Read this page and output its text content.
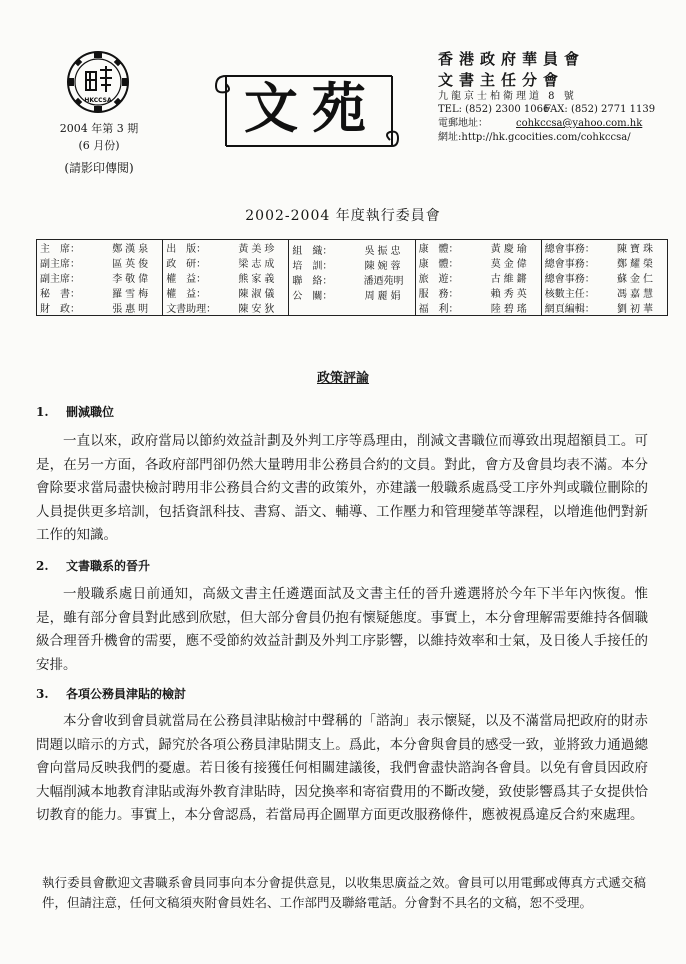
HKCCSA
2004 年第 3 期
(6 月份)
(請影印傳閱)
文苑
香港政府華員會
文書主任分會
九龍京士柏衛理道 8 號
TEL: (852) 2300 1066
FAX: (852) 2771 1139
電郵地址：	cohkccsa@yahoo.com.hk
網址:http://hk.gcocities.com/cohkccsa/
2002-2004 年度執行委員會
主　席：	鄭漢泉
副主席：	區英俊
副主席：	李敬偉
秘　書：	羅雪梅
財　政：	張惠明

出　版：	黃美珍
政　研：	梁志成
權　益：	熊家義
權　益：	陳淑儀
文書助理： 陳安狄

組　織：	吳振忠
培　訓：	陳婉蓉
聯　絡：	潘迺苑明
公　關：	周麗娟

康　體：	黃慶瑜
康　體：	莫金偉
旅　遊：	古維鏘
服　務：	賴秀英
福　利：	陸碧瑤

總會事務： 陳寶珠
總會事務： 鄭耀榮
總會事務： 蘇金仁
核數主任： 馮嘉慧
網頁編輯： 劉初華
政策評論
1. 刪減職位
一直以來，政府當局以節約效益計劃及外判工序等爲理由，削減文書職位而導致出現超額員工。可是，在另一方面，各政府部門卻仍然大量聘用非公務員合約的文員。對此，會方及會員均表不滿。本分會除要求當局盡快檢討聘用非公務員合約文書的政策外，亦建議一般職系處爲受工序外判或職位刪除的人員提供更多培訓，包括資訊科技、書寫、語文、輔導、工作壓力和管理變革等課程，以增進他們對新工作的知識。
2. 文書職系的晉升
一般職系處日前通知，高級文書主任遴選面試及文書主任的晉升遴選將於今年下半年內恢復。惟是，雖有部分會員對此感到欣慰，但大部分會員仍抱有懷疑態度。事實上，本分會理解需要維持各個職級合理晉升機會的需要，應不受節約效益計劃及外判工序影響，以維持效率和士氣，及日後人手接任的安排。
3. 各項公務員津貼的檢討
本分會收到會員就當局在公務員津貼檢討中聲稱的「諮詢」表示懷疑，以及不滿當局把政府的財赤問題以暗示的方式，歸究於各項公務員津貼開支上。爲此，本分會與會員的感受一致，並將致力通過總會向當局反映我們的憂慮。若日後有接獲任何相關建議後，我們會盡快諮詢各會員。以免有會員因政府大幅削減本地教育津貼或海外教育津貼時，因兌換率和寄宿費用的不斷改變，致使影響爲其子女提供恰切教育的能力。事實上，本分會認爲，若當局再企圖單方面更改服務條件，應被視爲違反合約來處理。
執行委員會歡迎文書職系會員同事向本分會提供意見，以收集思廣益之效。會員可以用電郵或傳真方式遞交稿件，但請注意，任何文稿須夾附會員姓名、工作部門及聯絡電話。分會對不具名的文稿，恕不受理。
